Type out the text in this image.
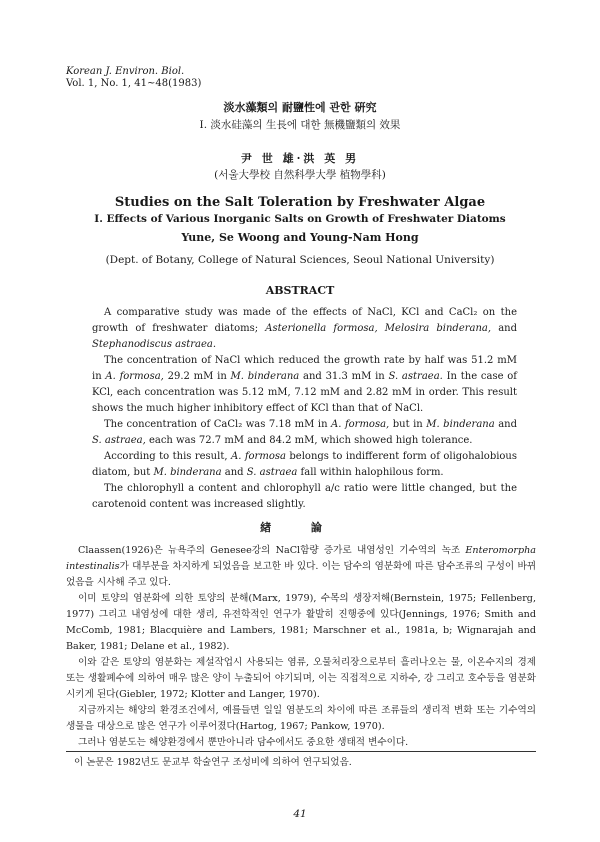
Korean J. Environ. Biol.
Vol. 1, No. 1, 41~48(1983)
淡水藻類의 耐鹽性에 관한 硏究
Ⅰ. 淡水硅藻의 生長에 대한 無機鹽類의 效果
尹 世 雄·洪 英 男
(서울大學校 自然科學大學 植物學科)
Studies on the Salt Toleration by Freshwater Algae
I. Effects of Various Inorganic Salts on Growth of Freshwater Diatoms
Yune, Se Woong and Young-Nam Hong
(Dept. of Botany, College of Natural Sciences, Seoul National University)
ABSTRACT

A comparative study was made of the effects of NaCl, KCl and CaCl₂ on the growth of freshwater diatoms; Asterionella formosa, Melosira binderana, and Stephanodiscus astraea.

The concentration of NaCl which reduced the growth rate by half was 51.2 mM in A. formosa, 29.2 mM in M. binderana and 31.3 mM in S. astraea. In the case of KCl, each concentration was 5.12 mM, 7.12 mM and 2.82 mM in order. This result shows the much higher inhibitory effect of KCl than that of NaCl.

The concentration of CaCl₂ was 7.18 mM in A. formosa, but in M. binderana and S. astraea, each was 72.7 mM and 84.2 mM, which showed high tolerance.

According to this result, A. formosa belongs to indifferent form of oligohalobious diatom, but M. binderana and S. astraea fall within halophilous form.

The chlorophyll a content and chlorophyll a/c ratio were little changed, but the carotenoid content was increased slightly.

緖 論

Claassen(1926)은 뉴욕주의 Genesee강의 NaCl함량 증가로 내염성인 기수역의 녹조 Enteromorpha intestinalis가 대부분을 차지하게 되었음을 보고한 바 있다. 이는 담수의 염분화에 따른 담수조류의 구성이 바뀌었음을 시사해 주고 있다.

이미 토양의 염분화에 의한 토양의 분해(Marx, 1979), 수목의 생장저해(Bernstein, 1975; Fellenberg, 1977) 그리고 내염성에 대한 생리, 유전학적인 연구가 활발히 진행중에 있다(Jennings, 1976; Smith and McComb, 1981; Blacquière and Lambers, 1981; Marschner et al., 1981a, b; Wignarajah and Baker, 1981; Delane et al., 1982).

이와 같은 토양의 염분화는 제설작업시 사용되는 염류, 오물처리장으로부터 흘러나오는 물, 이온수지의 경제 또는 생활폐수에 의하여 매우 많은 양이 누출되어 야기되며, 이는 직접적으로 지하수, 강 그리고 호수등을 염분화 시키게 된다(Giebler, 1972; Klotter and Langer, 1970).

지금까지는 해양의 환경조건에서, 예를들면 일일 염분도의 차이에 따른 조류들의 생리적 변화 또는 기수역의 생물을 대상으로 많은 연구가 이루어졌다(Hartog, 1967; Pankow, 1970).

그러나 염분도는 해양환경에서 뿐만아니라 담수에서도 중요한 생태적 변수이다.

이 논문은 1982년도 문교부 학술연구 조성비에 의하여 연구되었음.
41
